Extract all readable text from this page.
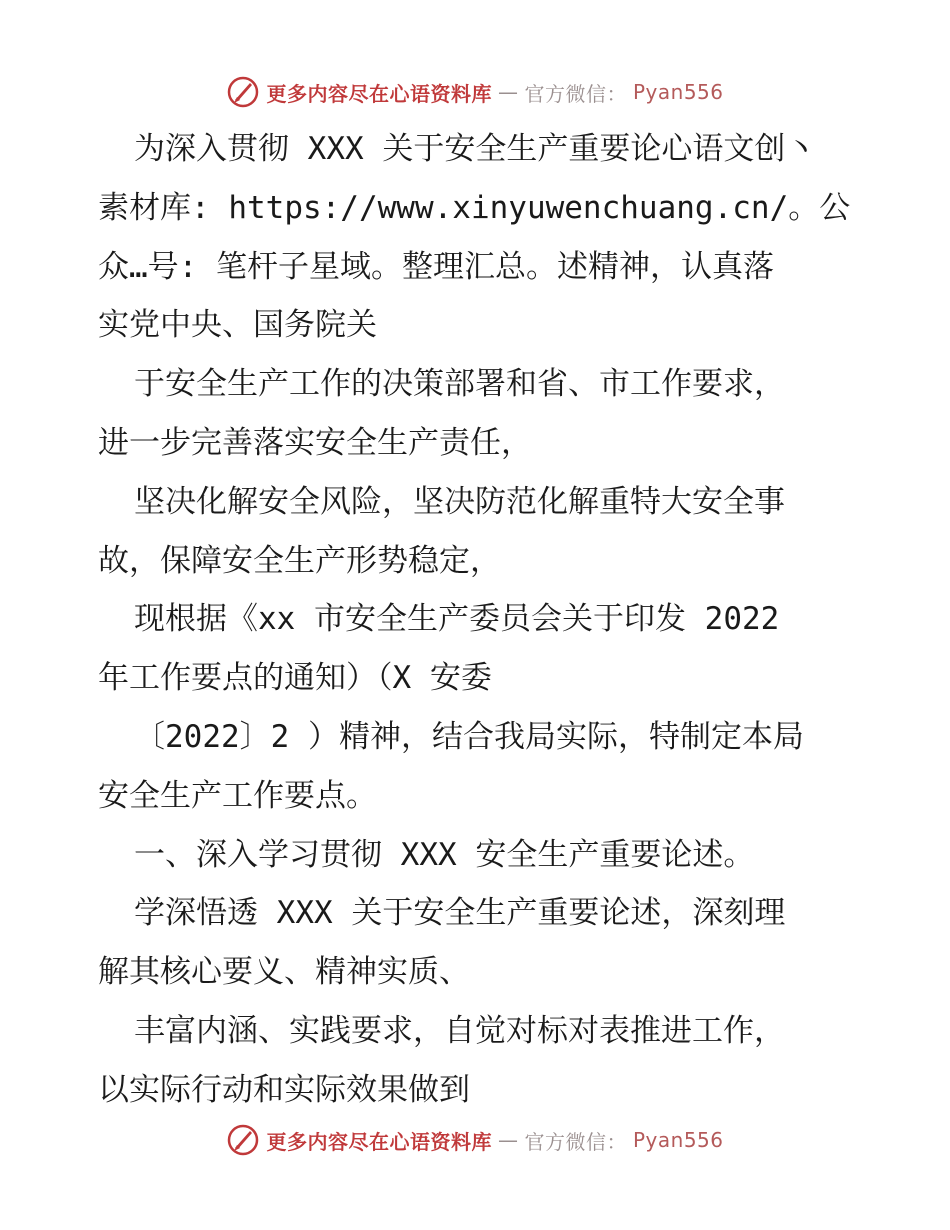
更多内容尽在心语资料库 — 官方微信： Pyan556

为深入贯彻 XXX 关于安全生产重要论心语文创丶

素材库: https://www.xinyuwenchuang.cn/。公

众…号: 笔杆子星域。整理汇总。述精神，认真落

实党中央、国务院关

于安全生产工作的决策部署和省、市工作要求，

进一步完善落实安全生产责任，

坚决化解安全风险，坚决防范化解重特大安全事

故，保障安全生产形势稳定，

现根据《xx 市安全生产委员会关于印发 2022

年工作要点的通知）（X 安委

〔2022〕2 ）精神，结合我局实际，特制定本局

安全生产工作要点。

一、深入学习贯彻 XXX 安全生产重要论述。

学深悟透 XXX 关于安全生产重要论述，深刻理

解其核心要义、精神实质、

丰富内涵、实践要求，自觉对标对表推进工作，

以实际行动和实际效果做到

更多内容尽在心语资料库 — 官方微信： Pyan556
